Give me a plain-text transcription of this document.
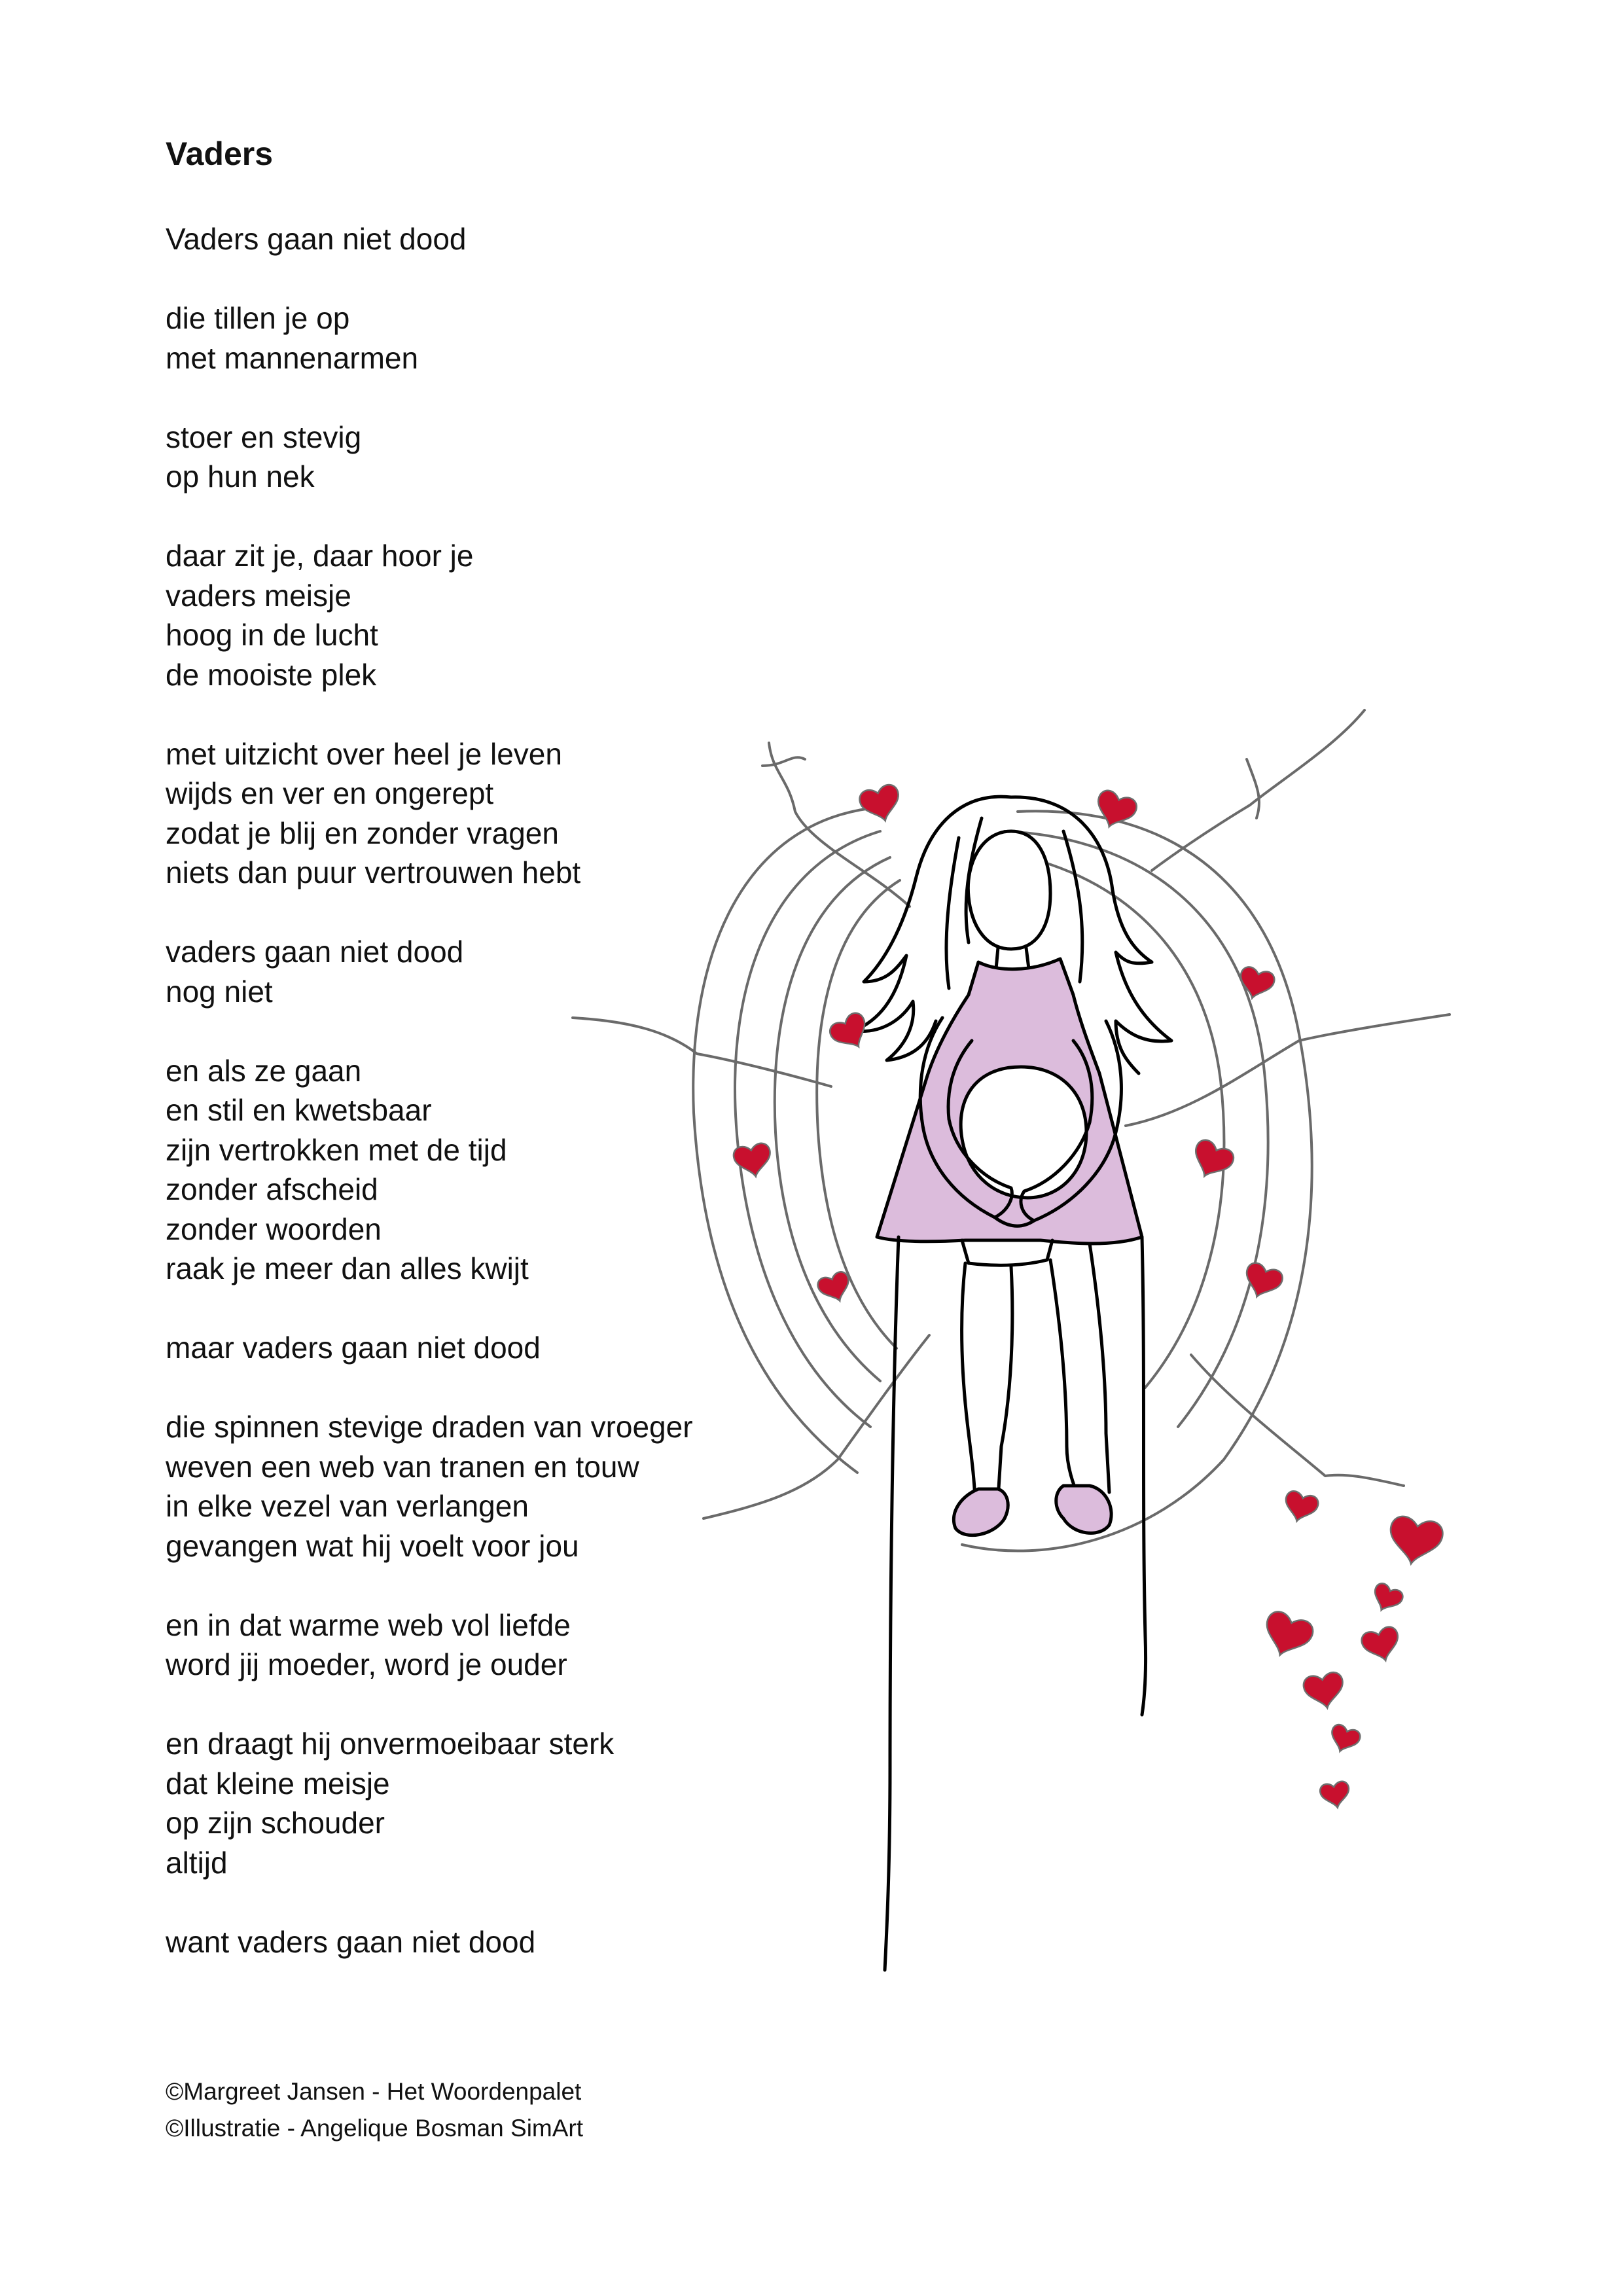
Vaders
Vaders gaan niet dood
die tillen je op
met mannenarmen
stoer en stevig
op hun nek
daar zit je, daar hoor je
vaders meisje
hoog in de lucht
de mooiste plek
met uitzicht over heel je leven
wijds en ver en ongerept
zodat je blij en zonder vragen
niets dan puur vertrouwen hebt
vaders gaan niet dood
nog niet
en als ze gaan
en stil en kwetsbaar
zijn vertrokken met de tijd
zonder afscheid
zonder woorden
raak je meer dan alles kwijt
maar vaders gaan niet dood
die spinnen stevige draden van vroeger
weven een web van tranen en touw
in elke vezel van verlangen
gevangen wat hij voelt voor jou
en in dat warme web vol liefde
word jij moeder, word je ouder
en draagt hij onvermoeibaar sterk
dat kleine meisje
op zijn schouder
altijd
want vaders gaan niet dood
©Margreet Jansen - Het Woordenpalet
©Illustratie - Angelique Bosman SimArt
